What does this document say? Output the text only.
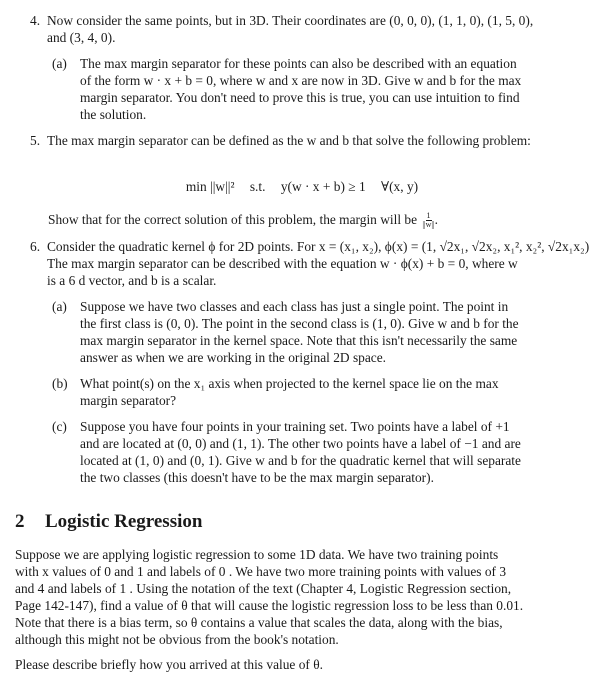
4. Now consider the same points, but in 3D. Their coordinates are (0, 0, 0), (1, 1, 0), (1, 5, 0),
and (3, 4, 0).
(a) The max margin separator for these points can also be described with an equation
of the form w · x + b = 0, where w and x are now in 3D. Give w and b for the max
margin separator. You don't need to prove this is true, you can use intuition to find
the solution.
5. The max margin separator can be defined as the w and b that solve the following problem:
min ||w||² s.t. y(w · x + b) ≥ 1 ∀(x, y)
Show that for the correct solution of this problem, the margin will be $\frac{1}{||w||}$ .
6. Consider the quadratic kernel ϕ for 2D points. For x = (x₁, x₂), ϕ(x) = (1, √2x₁, √2x₂, x₁², x₂², √2x₁x₂)
The max margin separator can be described with the equation w · ϕ(x) + b = 0, where w
is a 6 d vector, and b is a scalar.
(a) Suppose we have two classes and each class has just a single point. The point in
the first class is (0, 0). The point in the second class is (1, 0). Give w and b for the
max margin separator in the kernel space. Note that this isn't necessarily the same
answer as when we are working in the original 2D space.
(b) What point(s) on the x₁ axis when projected to the kernel space lie on the max
margin separator?
(c) Suppose you have four points in your training set. Two points have a label of +1
and are located at (0, 0) and (1, 1). The other two points have a label of −1 and are
located at (1, 0) and (0, 1). Give w and b for the quadratic kernel that will separate
the two classes (this doesn't have to be the max margin separator).
2 Logistic Regression
Suppose we are applying logistic regression to some 1D data. We have two training points
with x values of 0 and 1 and labels of 0 . We have two more training points with values of 3
and 4 and labels of 1 . Using the notation of the text (Chapter 4, Logistic Regression section,
Page 142-147), find a value of θ that will cause the logistic regression loss to be less than 0.01.
Note that there is a bias term, so θ contains a value that scales the data, along with the bias,
although this might not be obvious from the book's notation.
Please describe briefly how you arrived at this value of θ.
